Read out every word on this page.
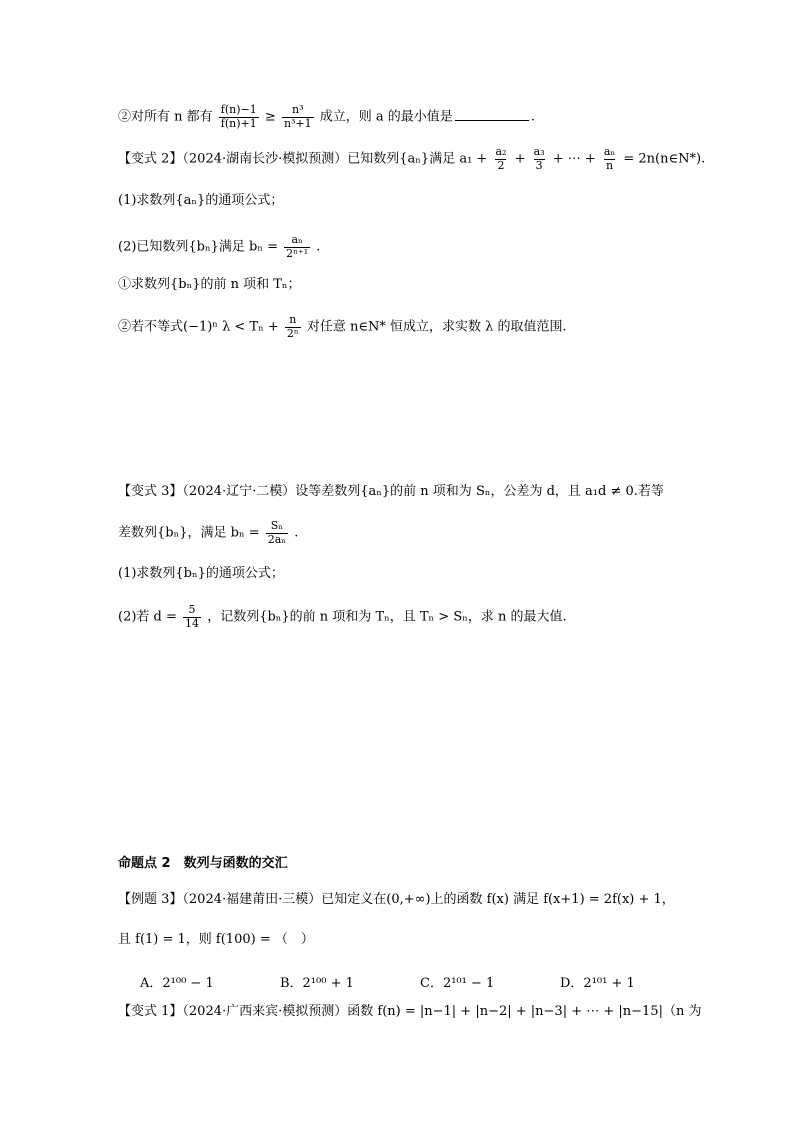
②对所有 n 都有 $\frac{f(n)-1}{f(n)+1} \ge \frac{\text{n³}}{\text{n³+1}}$ 成立，则 a 的最小值是	.
【变式 2】（2024·湖南长沙·模拟预测）已知数列{aₙ}满足 $a_1 + \frac{\text{a₂}}{2} + \frac{\text{a₃}}{3}$ + ⋯ + $\frac{\text{aₙ}}{n}$ = 2n(n∈N*).
(1)求数列{aₙ}的通项公式；
(2)已知数列{bₙ}满足 $b_n = \frac{\text{aₙ}}{\text{2ⁿ⁺¹}}$ .
①求数列{bₙ}的前 n 项和 Tₙ；
②若不等式(−1)ⁿ $\lambda < T_n + \frac{n}{\text{2ⁿ}}$ 对任意 n∈N* 恒成立，求实数 λ 的取值范围.
【变式 3】（2024·辽宁·二模）设等差数列{aₙ}的前 n 项和为 Sₙ，公差为 d，且 a₁d ≠ 0.若等
差数列{bₙ}，满足 $b_n = \frac{\text{Sₙ}}{\text{2aₙ}}$ .
(1)求数列{bₙ}的通项公式；
(2)若 $d = \frac{5}{14}$ ，记数列{bₙ}的前 n 项和为 Tₙ，且 Tₙ > Sₙ，求 n 的最大值.
命题点 2　数列与函数的交汇
【例题 3】（2024·福建莆田·三模）已知定义在(0,+∞)上的函数 f(x) 满足 f(x+1) = 2f(x) + 1，
且 f(1) = 1，则 f(100) = （　）
A．2¹⁰⁰ − 1	B．2¹⁰⁰ + 1	C．2¹⁰¹ − 1	D．2¹⁰¹ + 1
【变式 1】（2024·广西来宾·模拟预测）函数 f(n) = |n−1| + |n−2| + |n−3| + ⋯ + |n−15|（n 为
